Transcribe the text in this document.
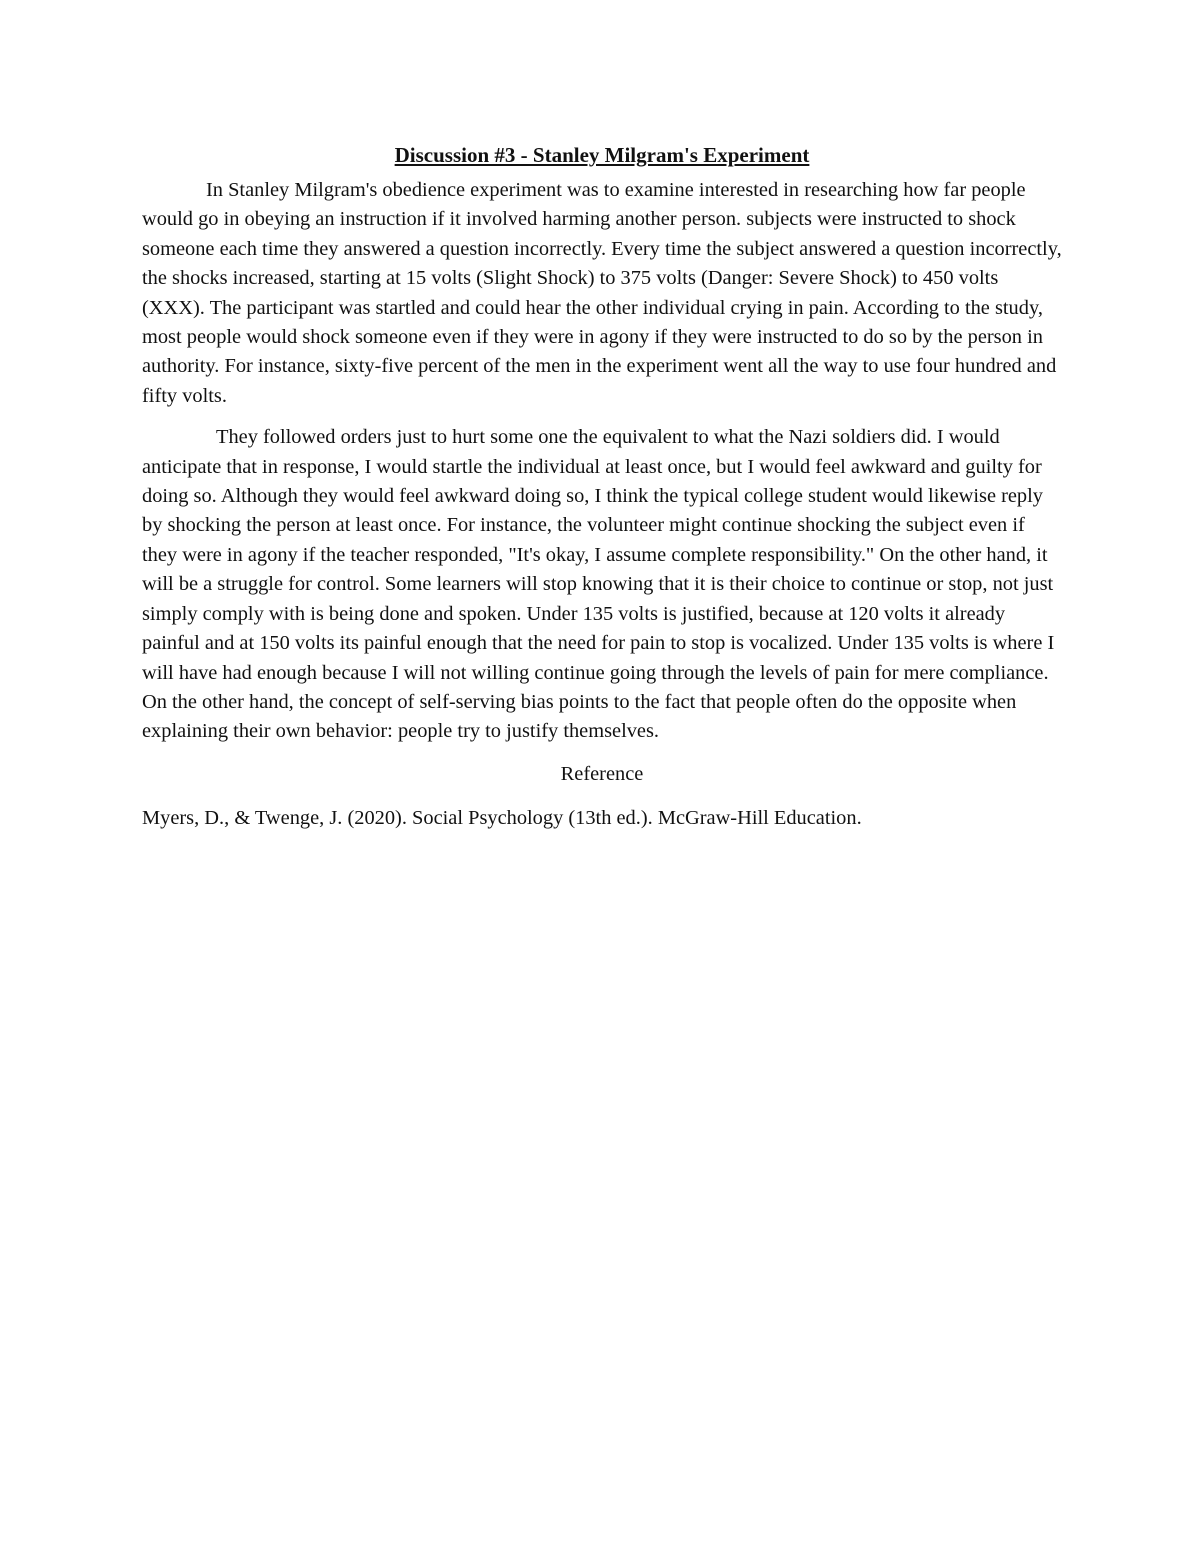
Discussion #3 - Stanley Milgram's Experiment

In Stanley Milgram's obedience experiment was to examine interested in researching how far people would go in obeying an instruction if it involved harming another person. subjects were instructed to shock someone each time they answered a question incorrectly. Every time the subject answered a question incorrectly, the shocks increased, starting at 15 volts (Slight Shock) to 375 volts (Danger: Severe Shock) to 450 volts (XXX). The participant was startled and could hear the other individual crying in pain. According to the study, most people would shock someone even if they were in agony if they were instructed to do so by the person in authority. For instance, sixty-five percent of the men in the experiment went all the way to use four hundred and fifty volts.

They followed orders just to hurt some one the equivalent to what the Nazi soldiers did. I would anticipate that in response, I would startle the individual at least once, but I would feel awkward and guilty for doing so. Although they would feel awkward doing so, I think the typical college student would likewise reply by shocking the person at least once. For instance, the volunteer might continue shocking the subject even if they were in agony if the teacher responded, "It's okay, I assume complete responsibility." On the other hand, it will be a struggle for control. Some learners will stop knowing that it is their choice to continue or stop, not just simply comply with is being done and spoken. Under 135 volts is justified, because at 120 volts it already painful and at 150 volts its painful enough that the need for pain to stop is vocalized. Under 135 volts is where I will have had enough because I will not willing continue going through the levels of pain for mere compliance. On the other hand, the concept of self-serving bias points to the fact that people often do the opposite when explaining their own behavior: people try to justify themselves.

Reference

Myers, D., & Twenge, J. (2020). Social Psychology (13th ed.). McGraw-Hill Education.
